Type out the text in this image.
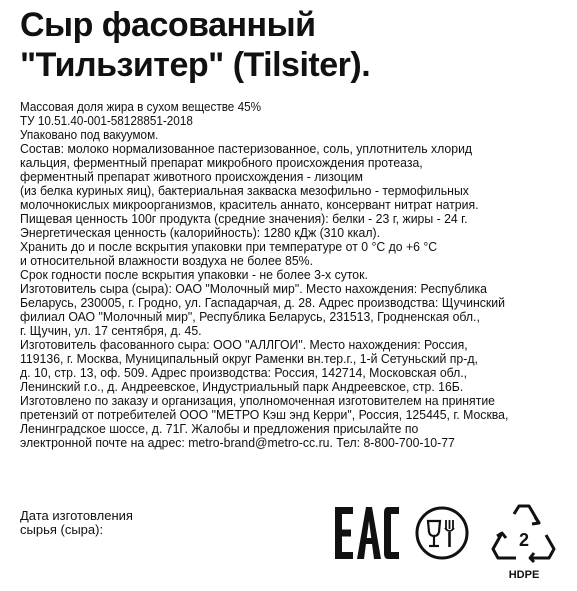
Сыр фасованный
"Тильзитер" (Tilsiter).
Массовая доля жира в сухом веществе 45%
ТУ 10.51.40-001-58128851-2018
Упаковано под вакуумом.
Состав: молоко нормализованное пастеризованное, соль, уплотнитель хлорид
кальция, ферментный препарат микробного происхождения протеаза,
ферментный препарат животного происхождения - лизоцим
(из белка куриных яиц), бактериальная закваска мезофильно - термофильных
молочнокислых микроорганизмов, краситель аннато, консервант нитрат натрия.
Пищевая ценность 100г продукта (средние значения): белки - 23 г, жиры - 24 г.
Энергетическая ценность (калорийность): 1280 кДж (310 ккал).
Хранить до и после вскрытия упаковки при температуре от 0 °С до +6 °С
и относительной влажности воздуха не более 85%.
Срок годности после вскрытия упаковки - не более 3-х суток.
Изготовитель сыра (сыра): ОАО "Молочный мир". Место нахождения: Республика
Беларусь, 230005, г. Гродно, ул. Гаспадарчая, д. 28. Адрес производства: Щучинский
филиал ОАО "Молочный мир", Республика Беларусь, 231513, Гродненская обл.,
г. Щучин, ул. 17 сентября, д. 45.
Изготовитель фасованного сыра: ООО "АЛЛГОИ". Место нахождения: Россия,
119136, г. Москва, Муниципальный округ Раменки вн.тер.г., 1-й Сетуньский пр-д,
д. 10, стр. 13, оф. 509. Адрес производства: Россия, 142714, Московская обл.,
Ленинский г.о., д. Андреевское, Индустриальный парк Андреевское, стр. 16Б.
Изготовлено по заказу и организация, уполномоченная изготовителем на принятие
претензий от потребителей ООО "МЕТРО Кэш энд Керри", Россия, 125445, г. Москва,
Ленинградское шоссе, д. 71Г. Жалобы и предложения присылайте по
электронной почте на адрес: metro-brand@metro-cc.ru. Тел: 8-800-700-10-77
Дата изготовления
сырья (сыра):
2
HDPE
